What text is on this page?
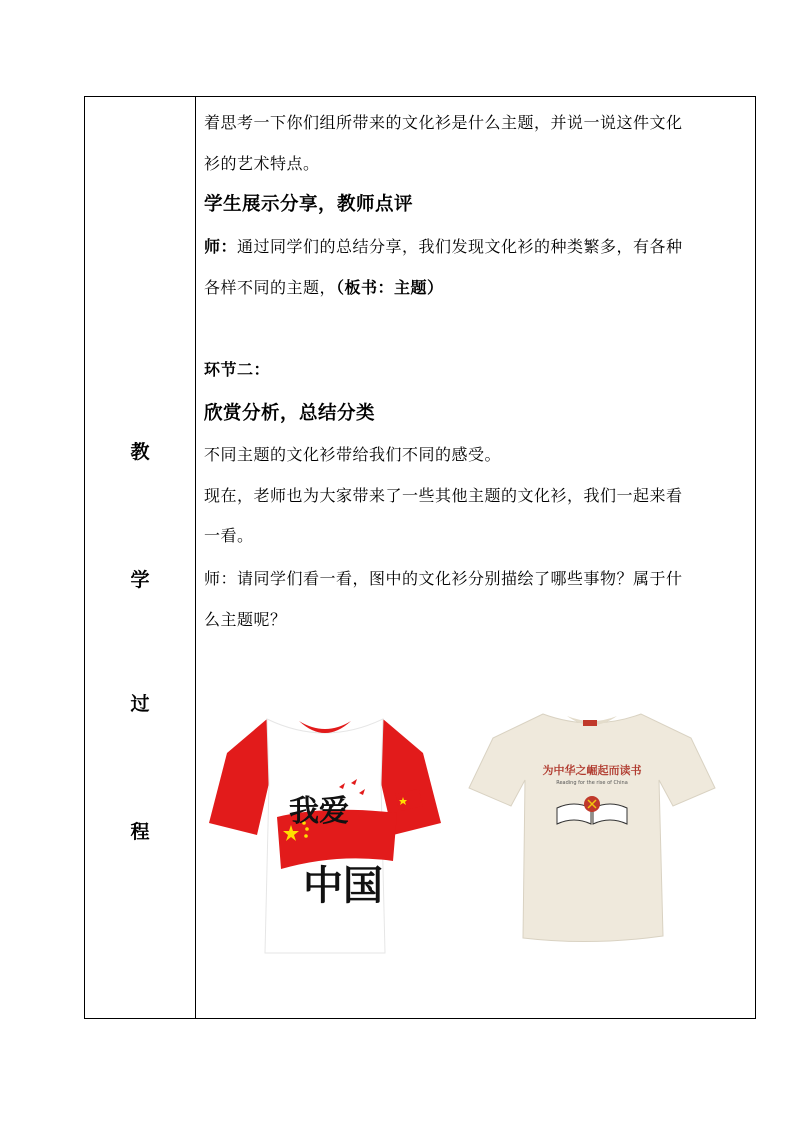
教
学
过
程
着思考一下你们组所带来的文化衫是什么主题，并说一说这件文化
衫的艺术特点。
学生展示分享，教师点评
师：通过同学们的总结分享，我们发现文化衫的种类繁多，有各种
各样不同的主题，（板书：主题）
环节二：
欣赏分析，总结分类
不同主题的文化衫带给我们不同的感受。
现在，老师也为大家带来了一些其他主题的文化衫，我们一起来看
一看。
师：请同学们看一看，图中的文化衫分别描绘了哪些事物？属于什
么主题呢？
我爱
中国
为中华之崛起而读书
Reading for the rise of China
